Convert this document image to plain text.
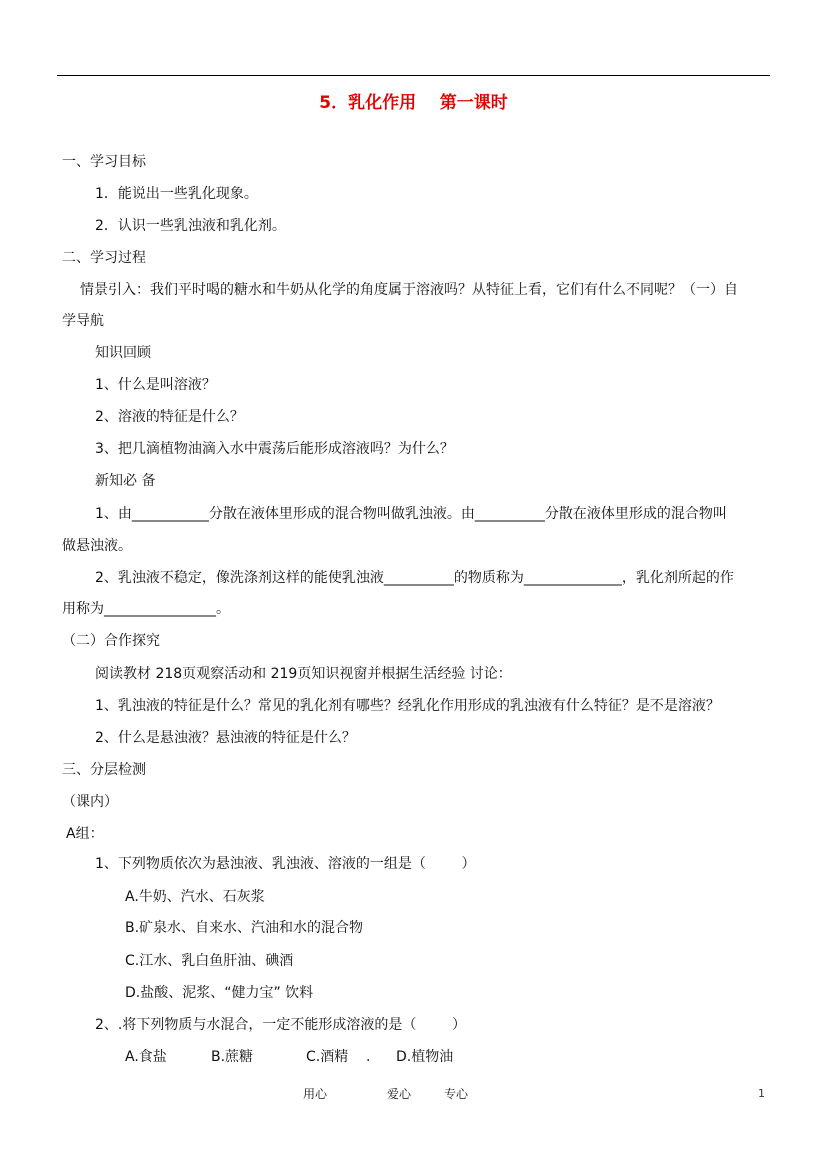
5．乳化作用    第一课时
一、学习目标
1．能说出一些乳化现象。
2．认识一些乳浊液和乳化剂。
二、学习过程
情景引入：我们平时喝的糖水和牛奶从化学的角度属于溶液吗？从特征上看，它们有什么不同呢？（一）自
学导航
知识回顾
1、什么是叫溶液？
2、溶液的特征是什么？
3、把几滴植物油滴入水中震荡后能形成溶液吗？为什么？
新知必 备
1、由___________分散在液体里形成的混合物叫做乳浊液。由__________分散在液体里形成的混合物叫
做悬浊液。
2、乳浊液不稳定，像洗涤剂这样的能使乳浊液__________的物质称为______________，乳化剂所起的作
用称为________________。
（二）合作探究
阅读教材 218页观察活动和 219页知识视窗并根据生活经验 讨论：
1、乳浊液的特征是什么？常见的乳化剂有哪些？经乳化作用形成的乳浊液有什么特征？是不是溶液？
2、什么是悬浊液？悬浊液的特征是什么？
三、分层检测
（课内）
A组：
1、下列物质依次为悬浊液、乳浊液、溶液的一组是（        ）
A.牛奶、汽水、石灰浆
B.矿泉水、自来水、汽油和水的混合物
C.江水、乳白鱼肝油、碘酒
D.盐酸、泥浆、“健力宝” 饮料
2、.将下列物质与水混合，一定不能形成溶液的是（        ）
A.食盐	B.蔗糖	C.酒精 . D.植物油
用心	爱心	专心	1
